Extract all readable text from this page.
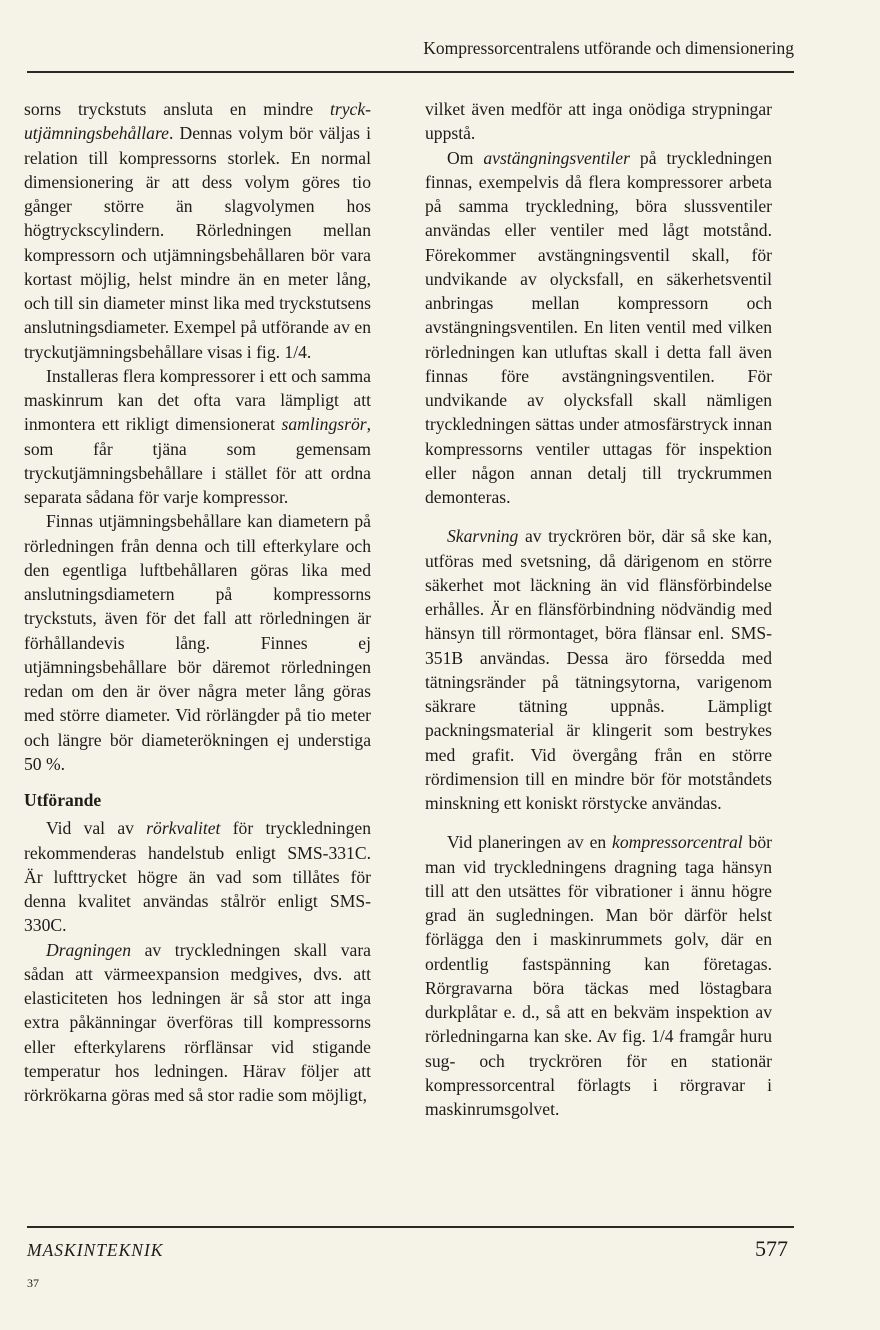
Kompressorcentralens utförande och dimensionering

sorns tryckstuts ansluta en mindre tryck-utjämningsbehållare. Dennas volym bör väljas i relation till kompressorns storlek. En normal dimensionering är att dess volym göres tio gånger större än slagvolymen hos högtryckscylindern. Rörledningen mellan kompressorn och utjämningsbehållaren bör vara kortast möjlig, helst mindre än en meter lång, och till sin diameter minst lika med tryckstutsens anslutningsdiameter. Exempel på utförande av en tryckutjämningsbehållare visas i fig. 1/4.

Installeras flera kompressorer i ett och samma maskinrum kan det ofta vara lämpligt att inmontera ett rikligt dimensionerat samlingsrör, som får tjäna som gemensam tryckutjämningsbehållare i stället för att ordna separata sådana för varje kompressor.

Finnas utjämningsbehållare kan diametern på rörledningen från denna och till efterkylare och den egentliga luftbehållaren göras lika med anslutningsdiametern på kompressorns tryckstuts, även för det fall att rörledningen är förhållandevis lång. Finnes ej utjämningsbehållare bör däremot rörledningen redan om den är över några meter lång göras med större diameter. Vid rörlängder på tio meter och längre bör diameterökningen ej understiga 50 %.

Utförande

Vid val av rörkvalitet för tryckledningen rekommenderas handelstub enligt SMS-331C. Är lufttrycket högre än vad som tillåtes för denna kvalitet användas stålrör enligt SMS-330C.

Dragningen av tryckledningen skall vara sådan att värmeexpansion medgives, dvs. att elasticiteten hos ledningen är så stor att inga extra påkänningar överföras till kompressorns eller efterkylarens rörflänsar vid stigande temperatur hos ledningen. Härav följer att rörkrökarna göras med så stor radie som möjligt,

vilket även medför att inga onödiga strypningar uppstå.

Om avstängningsventiler på tryckledningen finnas, exempelvis då flera kompressorer arbeta på samma tryckledning, böra slussventiler användas eller ventiler med lågt motstånd. Förekommer avstängningsventil skall, för undvikande av olycksfall, en säkerhetsventil anbringas mellan kompressorn och avstängningsventilen. En liten ventil med vilken rörledningen kan utluftas skall i detta fall även finnas före avstängningsventilen. För undvikande av olycksfall skall nämligen tryckledningen sättas under atmosfärstryck innan kompressorns ventiler uttagas för inspektion eller någon annan detalj till tryckrummen demonteras.

Skarvning av tryckrören bör, där så ske kan, utföras med svetsning, då därigenom en större säkerhet mot läckning än vid flänsförbindelse erhålles. Är en flänsförbindning nödvändig med hänsyn till rörmontaget, böra flänsar enl. SMS-351B användas. Dessa äro försedda med tätningsränder på tätningsytorna, varigenom säkrare tätning uppnås. Lämpligt packningsmaterial är klingerit som bestrykes med grafit. Vid övergång från en större rördimension till en mindre bör för motståndets minskning ett koniskt rörstycke användas.

Vid planeringen av en kompressorcentral bör man vid tryckledningens dragning taga hänsyn till att den utsättes för vibrationer i ännu högre grad än sugledningen. Man bör därför helst förlägga den i maskinrummets golv, där en ordentlig fastspänning kan företagas. Rörgravarna böra täckas med löstagbara durkplåtar e. d., så att en bekväm inspektion av rörledningarna kan ske. Av fig. 1/4 framgår huru sug- och tryckrören för en stationär kompressorcentral förlagts i rörgravar i maskinrumsgolvet.

MASKINTEKNIK	577
37
